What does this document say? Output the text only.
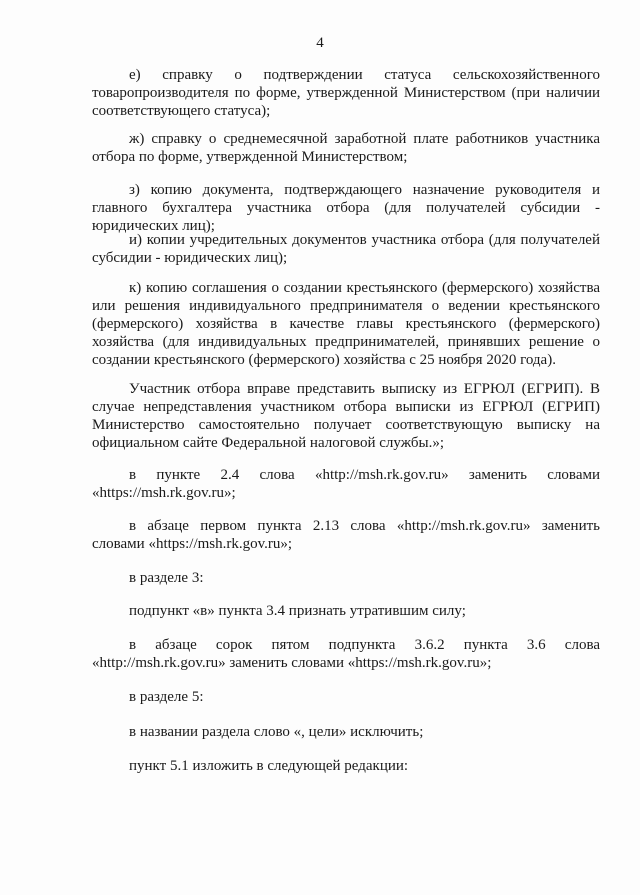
4

е) справку о подтверждении статуса сельскохозяйственного товаропроизводителя по форме, утвержденной Министерством (при наличии соответствующего статуса);

ж) справку о среднемесячной заработной плате работников участника отбора по форме, утвержденной Министерством;

з) копию документа, подтверждающего назначение руководителя и главного бухгалтера участника отбора (для получателей субсидии - юридических лиц);

и) копии учредительных документов участника отбора (для получателей субсидии - юридических лиц);

к) копию соглашения о создании крестьянского (фермерского) хозяйства или решения индивидуального предпринимателя о ведении крестьянского (фермерского) хозяйства в качестве главы крестьянского (фермерского) хозяйства (для индивидуальных предпринимателей, принявших решение о создании крестьянского (фермерского) хозяйства с 25 ноября 2020 года).

Участник отбора вправе представить выписку из ЕГРЮЛ (ЕГРИП). В случае непредставления участником отбора выписки из ЕГРЮЛ (ЕГРИП) Министерство самостоятельно получает соответствующую выписку на официальном сайте Федеральной налоговой службы.»;

в пункте 2.4 слова «http://msh.rk.gov.ru» заменить словами «https://msh.rk.gov.ru»;

в абзаце первом пункта 2.13 слова «http://msh.rk.gov.ru» заменить словами «https://msh.rk.gov.ru»;

в разделе 3:

подпункт «в» пункта 3.4 признать утратившим силу;

в абзаце сорок пятом подпункта 3.6.2 пункта 3.6 слова «http://msh.rk.gov.ru» заменить словами «https://msh.rk.gov.ru»;

в разделе 5:

в названии раздела слово «, цели» исключить;

пункт 5.1 изложить в следующей редакции:
